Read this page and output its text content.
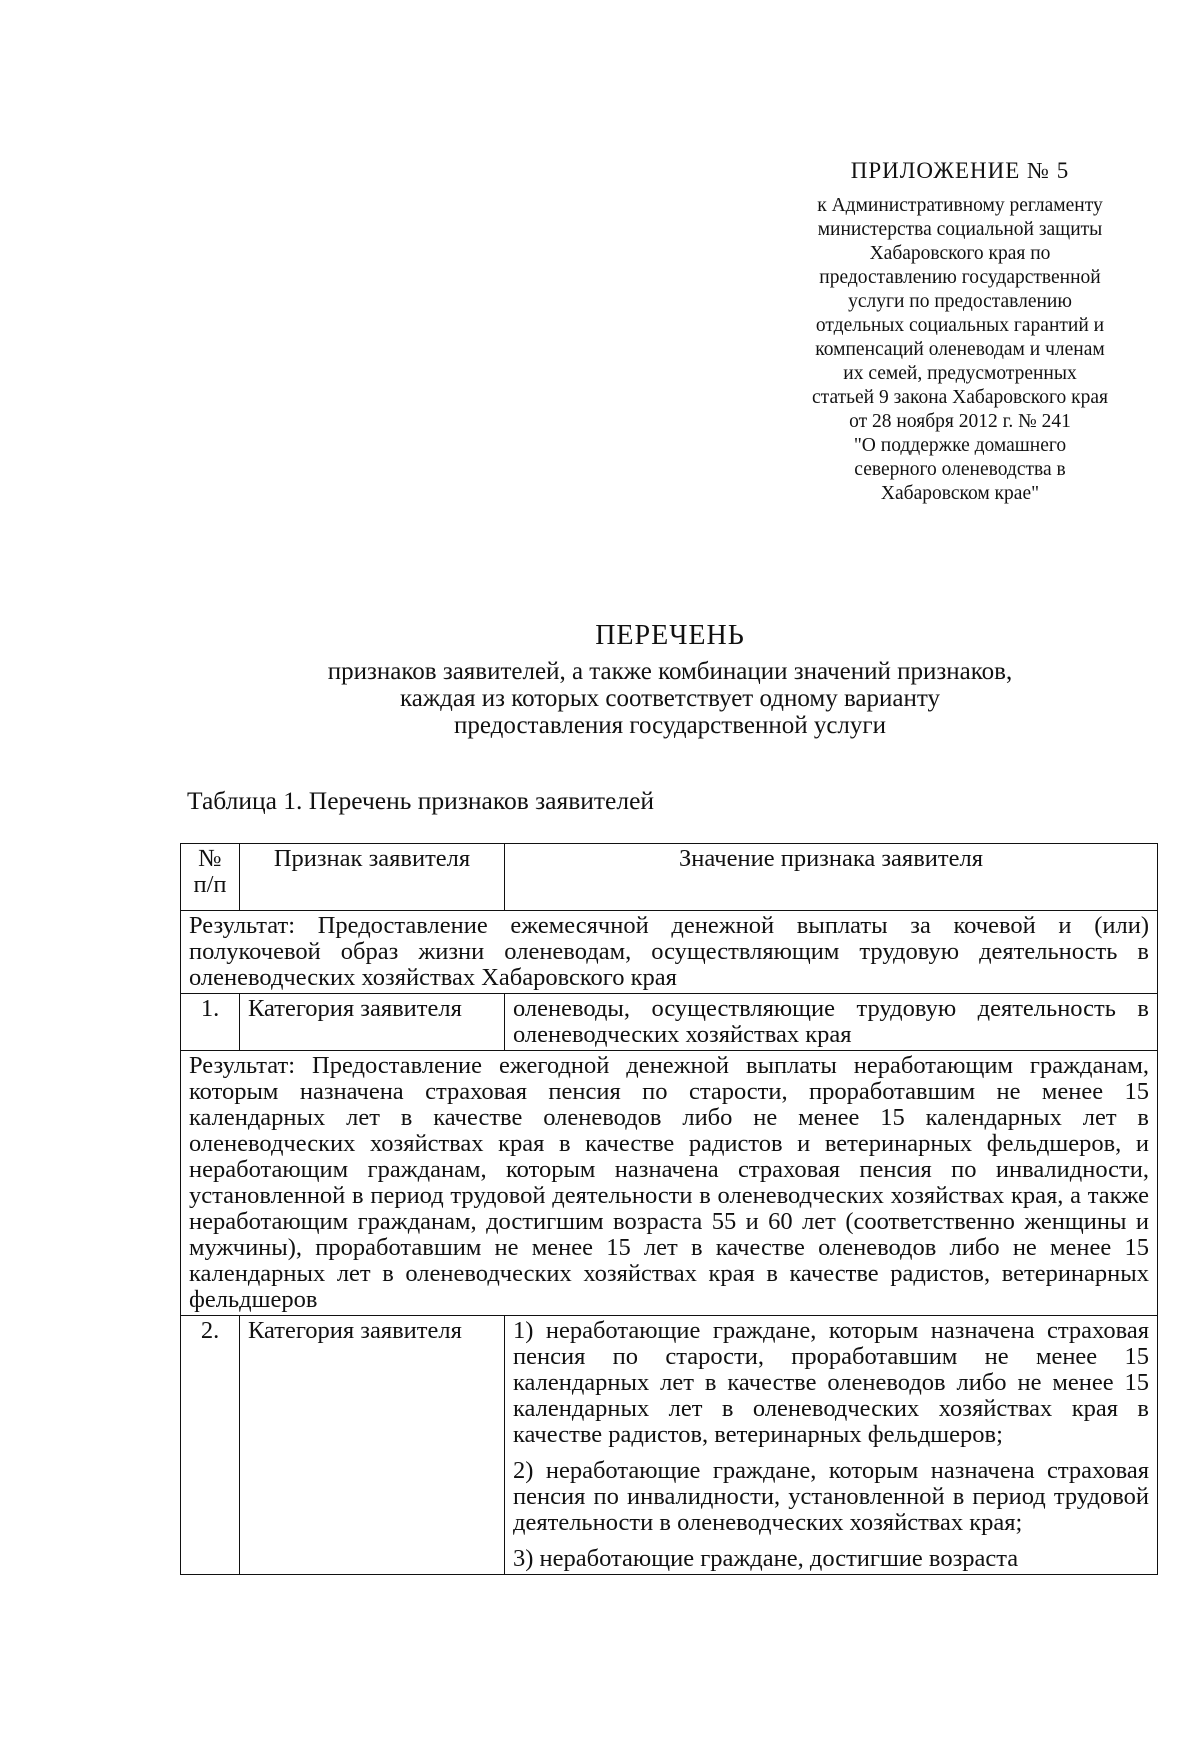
ПРИЛОЖЕНИЕ № 5
к Административному регламенту
министерства социальной защиты
Хабаровского края по
предоставлению государственной
услуги по предоставлению
отдельных социальных гарантий и
компенсаций оленеводам и членам
их семей, предусмотренных
статьей 9 закона Хабаровского края
от 28 ноября 2012 г. № 241
"О поддержке домашнего
северного оленеводства в
Хабаровском крае"
ПЕРЕЧЕНЬ
признаков заявителей, а также комбинации значений признаков,
каждая из которых соответствует одному варианту
предоставления государственной услуги
Таблица 1. Перечень признаков заявителей
№ п/п	Признак заявителя	Значение признака заявителя
Результат: Предоставление ежемесячной денежной выплаты за кочевой и (или) полукочевой образ жизни оленеводам, осуществляющим трудовую деятельность в оленеводческих хозяйствах Хабаровского края		
1.	Категория заявителя	оленеводы, осуществляющие трудовую деятельность в оленеводческих хозяйствах края
Результат: Предоставление ежегодной денежной выплаты неработающим гражданам, которым назначена страховая пенсия по старости, проработавшим не менее 15 календарных лет в качестве оленеводов либо не менее 15 календарных лет в оленеводческих хозяйствах края в качестве радистов и ветеринарных фельдшеров, и неработающим гражданам, которым назначена страховая пенсия по инвалидности, установленной в период трудовой деятельности в оленеводческих хозяйствах края, а также неработающим гражданам, достигшим возраста 55 и 60 лет (соответственно женщины и мужчины), проработавшим не менее 15 лет в качестве оленеводов либо не менее 15 календарных лет в оленеводческих хозяйствах края в качестве радистов, ветеринарных фельдшеров		
2.	Категория заявителя	1) неработающие граждане, которым назначена страховая пенсия по старости, проработавшим не менее 15 календарных лет в качестве оленеводов либо не менее 15 календарных лет в оленеводческих хозяйствах края в качестве радистов, ветеринарных фельдшеров;
2) неработающие граждане, которым назначена страховая пенсия по инвалидности, установленной в период трудовой деятельности в оленеводческих хозяйствах края;
3) неработающие граждане, достигшие возраста
